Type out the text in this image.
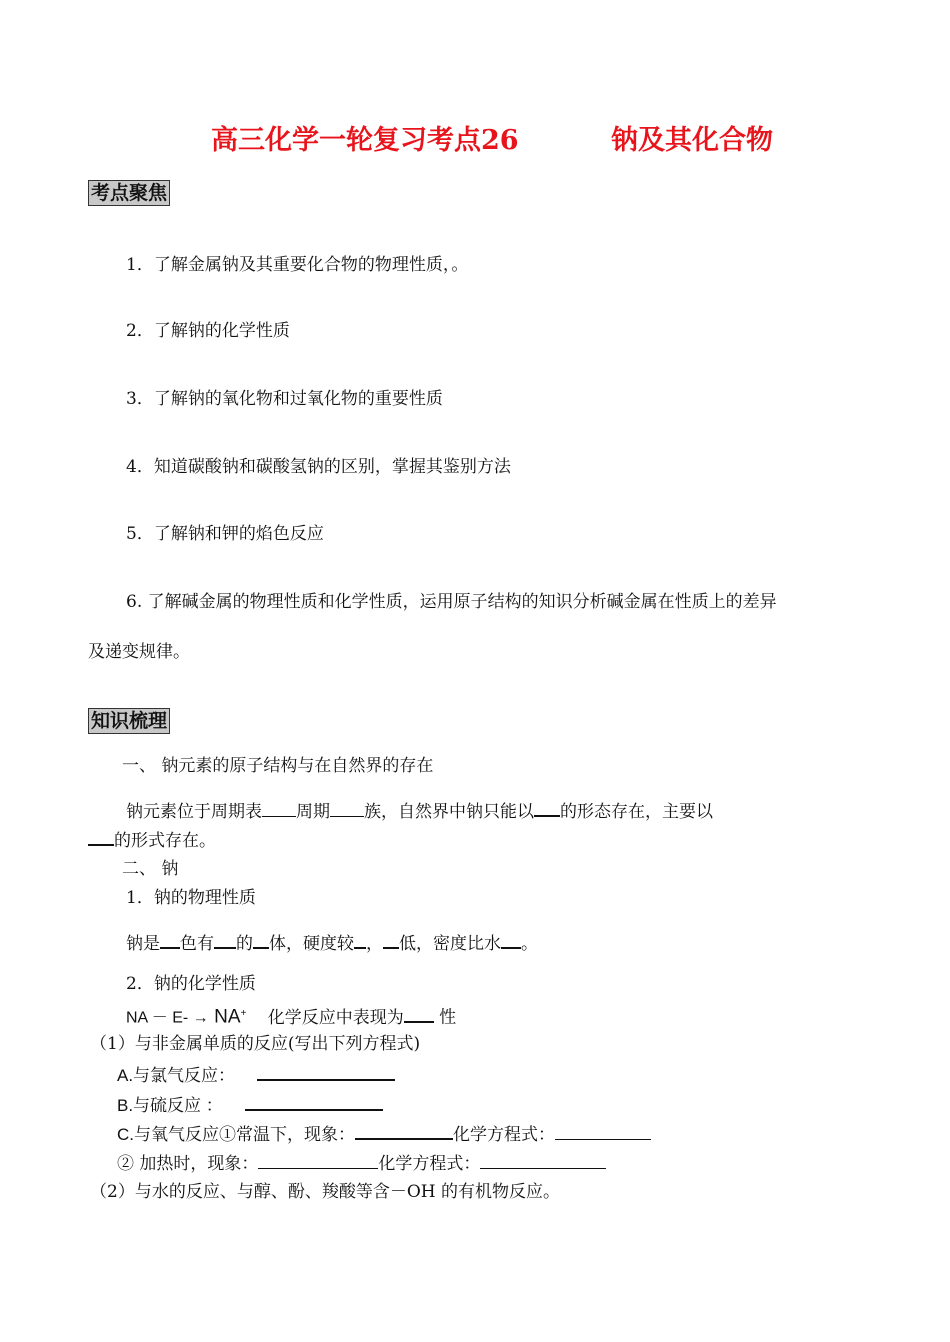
高三化学一轮复习考点26	钠及其化合物
考点聚焦
1．了解金属钠及其重要化合物的物理性质，。
2．了解钠的化学性质
3．了解钠的氧化物和过氧化物的重要性质
4．知道碳酸钠和碳酸氢钠的区别，掌握其鉴别方法
5．了解钠和钾的焰色反应
6. 了解碱金属的物理性质和化学性质，运用原子结构的知识分析碱金属在性质上的差异
及递变规律。
知识梳理
一、 钠元素的原子结构与在自然界的存在
钠元素位于周期表 周期 族，自然界中钠只能以 的形态存在，主要以
的形式存在。
二、 钠
1．钠的物理性质
钠是 色有 的 体，硬度较 ， 低，密度比水 。
2．钠的化学性质
NA － E- → NA+ 化学反应中表现为 性
（1）与非金属单质的反应(写出下列方程式)
A.与氯气反应：
B.与硫反应 ：
C.与氧气反应①常温下，现象：	化学方程式：
② 加热时，现象：	化学方程式：
（2）与水的反应、与醇、酚、羧酸等含－OH 的有机物反应。
